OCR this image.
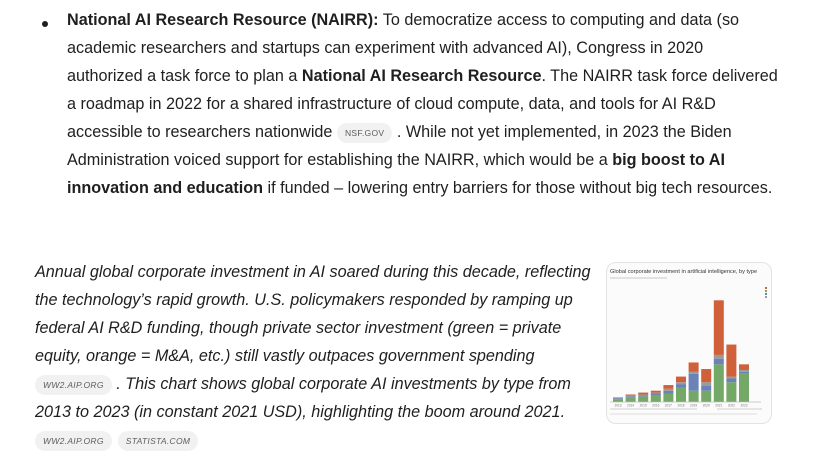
National AI Research Resource (NAIRR): To democratize access to computing and data (so academic researchers and startups can experiment with advanced AI), Congress in 2020 authorized a task force to plan a National AI Research Resource. The NAIRR task force delivered a roadmap in 2022 for a shared infrastructure of cloud compute, data, and tools for AI R&D accessible to researchers nationwide NSF.GOV . While not yet implemented, in 2023 the Biden Administration voiced support for establishing the NAIRR, which would be a big boost to AI innovation and education if funded – lowering entry barriers for those without big tech resources.
Annual global corporate investment in AI soared during this decade, reflecting the technology’s rapid growth. U.S. policymakers responded by ramping up federal AI R&D funding, though private sector investment (green = private equity, orange = M&A, etc.) still vastly outpaces government spending WW2.AIP.ORG . This chart shows global corporate AI investments by type from 2013 to 2023 (in constant 2021 USD), highlighting the boom around 2021. WW2.AIP.ORG	STATISTA.COM
Global corporate investment in artificial intelligence, by type
2013 2014 2015 2016 2017 2018 2019 2020 2021 2022 2023
